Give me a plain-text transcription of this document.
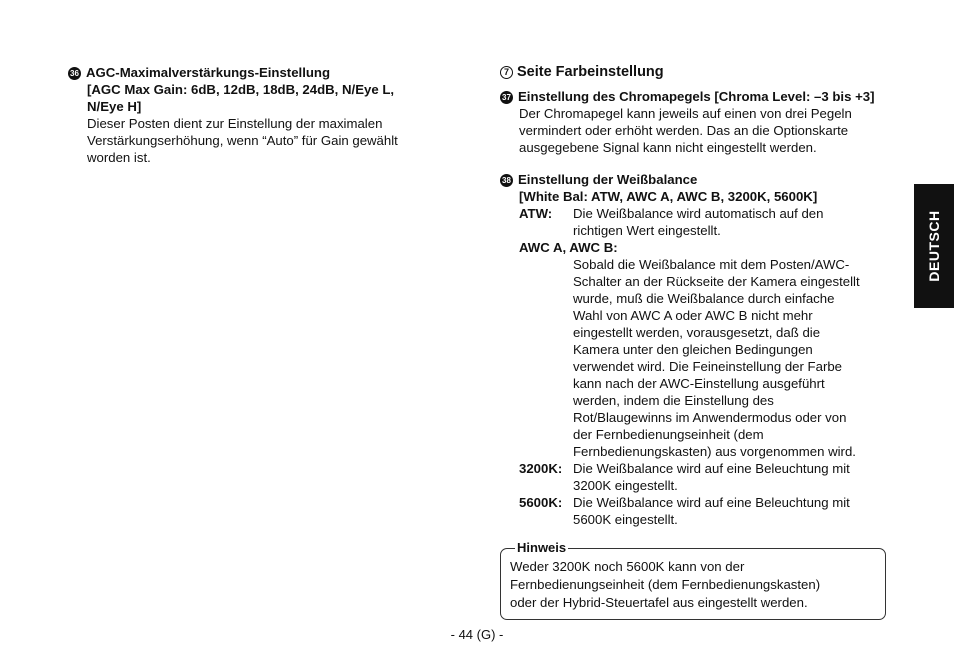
36 AGC-Maximalverstärkungs-Einstellung
[AGC Max Gain: 6dB, 12dB, 18dB, 24dB, N/Eye L,
N/Eye H]
Dieser Posten dient zur Einstellung der maximalen
Verstärkungserhöhung, wenn “Auto” für Gain gewählt
worden ist.
7 Seite Farbeinstellung
37 Einstellung des Chromapegels [Chroma Level: –3 bis +3]
Der Chromapegel kann jeweils auf einen von drei Pegeln
vermindert oder erhöht werden. Das an die Optionskarte
ausgegebene Signal kann nicht eingestellt werden.
38 Einstellung der Weißbalance
[White Bal: ATW, AWC A, AWC B, 3200K, 5600K]
ATW:	Die Weißbalance wird automatisch auf den
richtigen Wert eingestellt.
AWC A, AWC B:
Sobald die Weißbalance mit dem Posten/AWC-
Schalter an der Rückseite der Kamera eingestellt
wurde, muß die Weißbalance durch einfache
Wahl von AWC A oder AWC B nicht mehr
eingestellt werden, vorausgesetzt, daß die
Kamera unter den gleichen Bedingungen
verwendet wird. Die Feineinstellung der Farbe
kann nach der AWC-Einstellung ausgeführt
werden, indem die Einstellung des
Rot/Blaugewinns im Anwendermodus oder von
der Fernbedienungseinheit (dem
Fernbedienungskasten) aus vorgenommen wird.
3200K: Die Weißbalance wird auf eine Beleuchtung mit
3200K eingestellt.
5600K: Die Weißbalance wird auf eine Beleuchtung mit
5600K eingestellt.
Hinweis
Weder 3200K noch 5600K kann von der
Fernbedienungseinheit (dem Fernbedienungskasten)
oder der Hybrid-Steuertafel aus eingestellt werden.
DEUTSCH
- 44 (G) -
